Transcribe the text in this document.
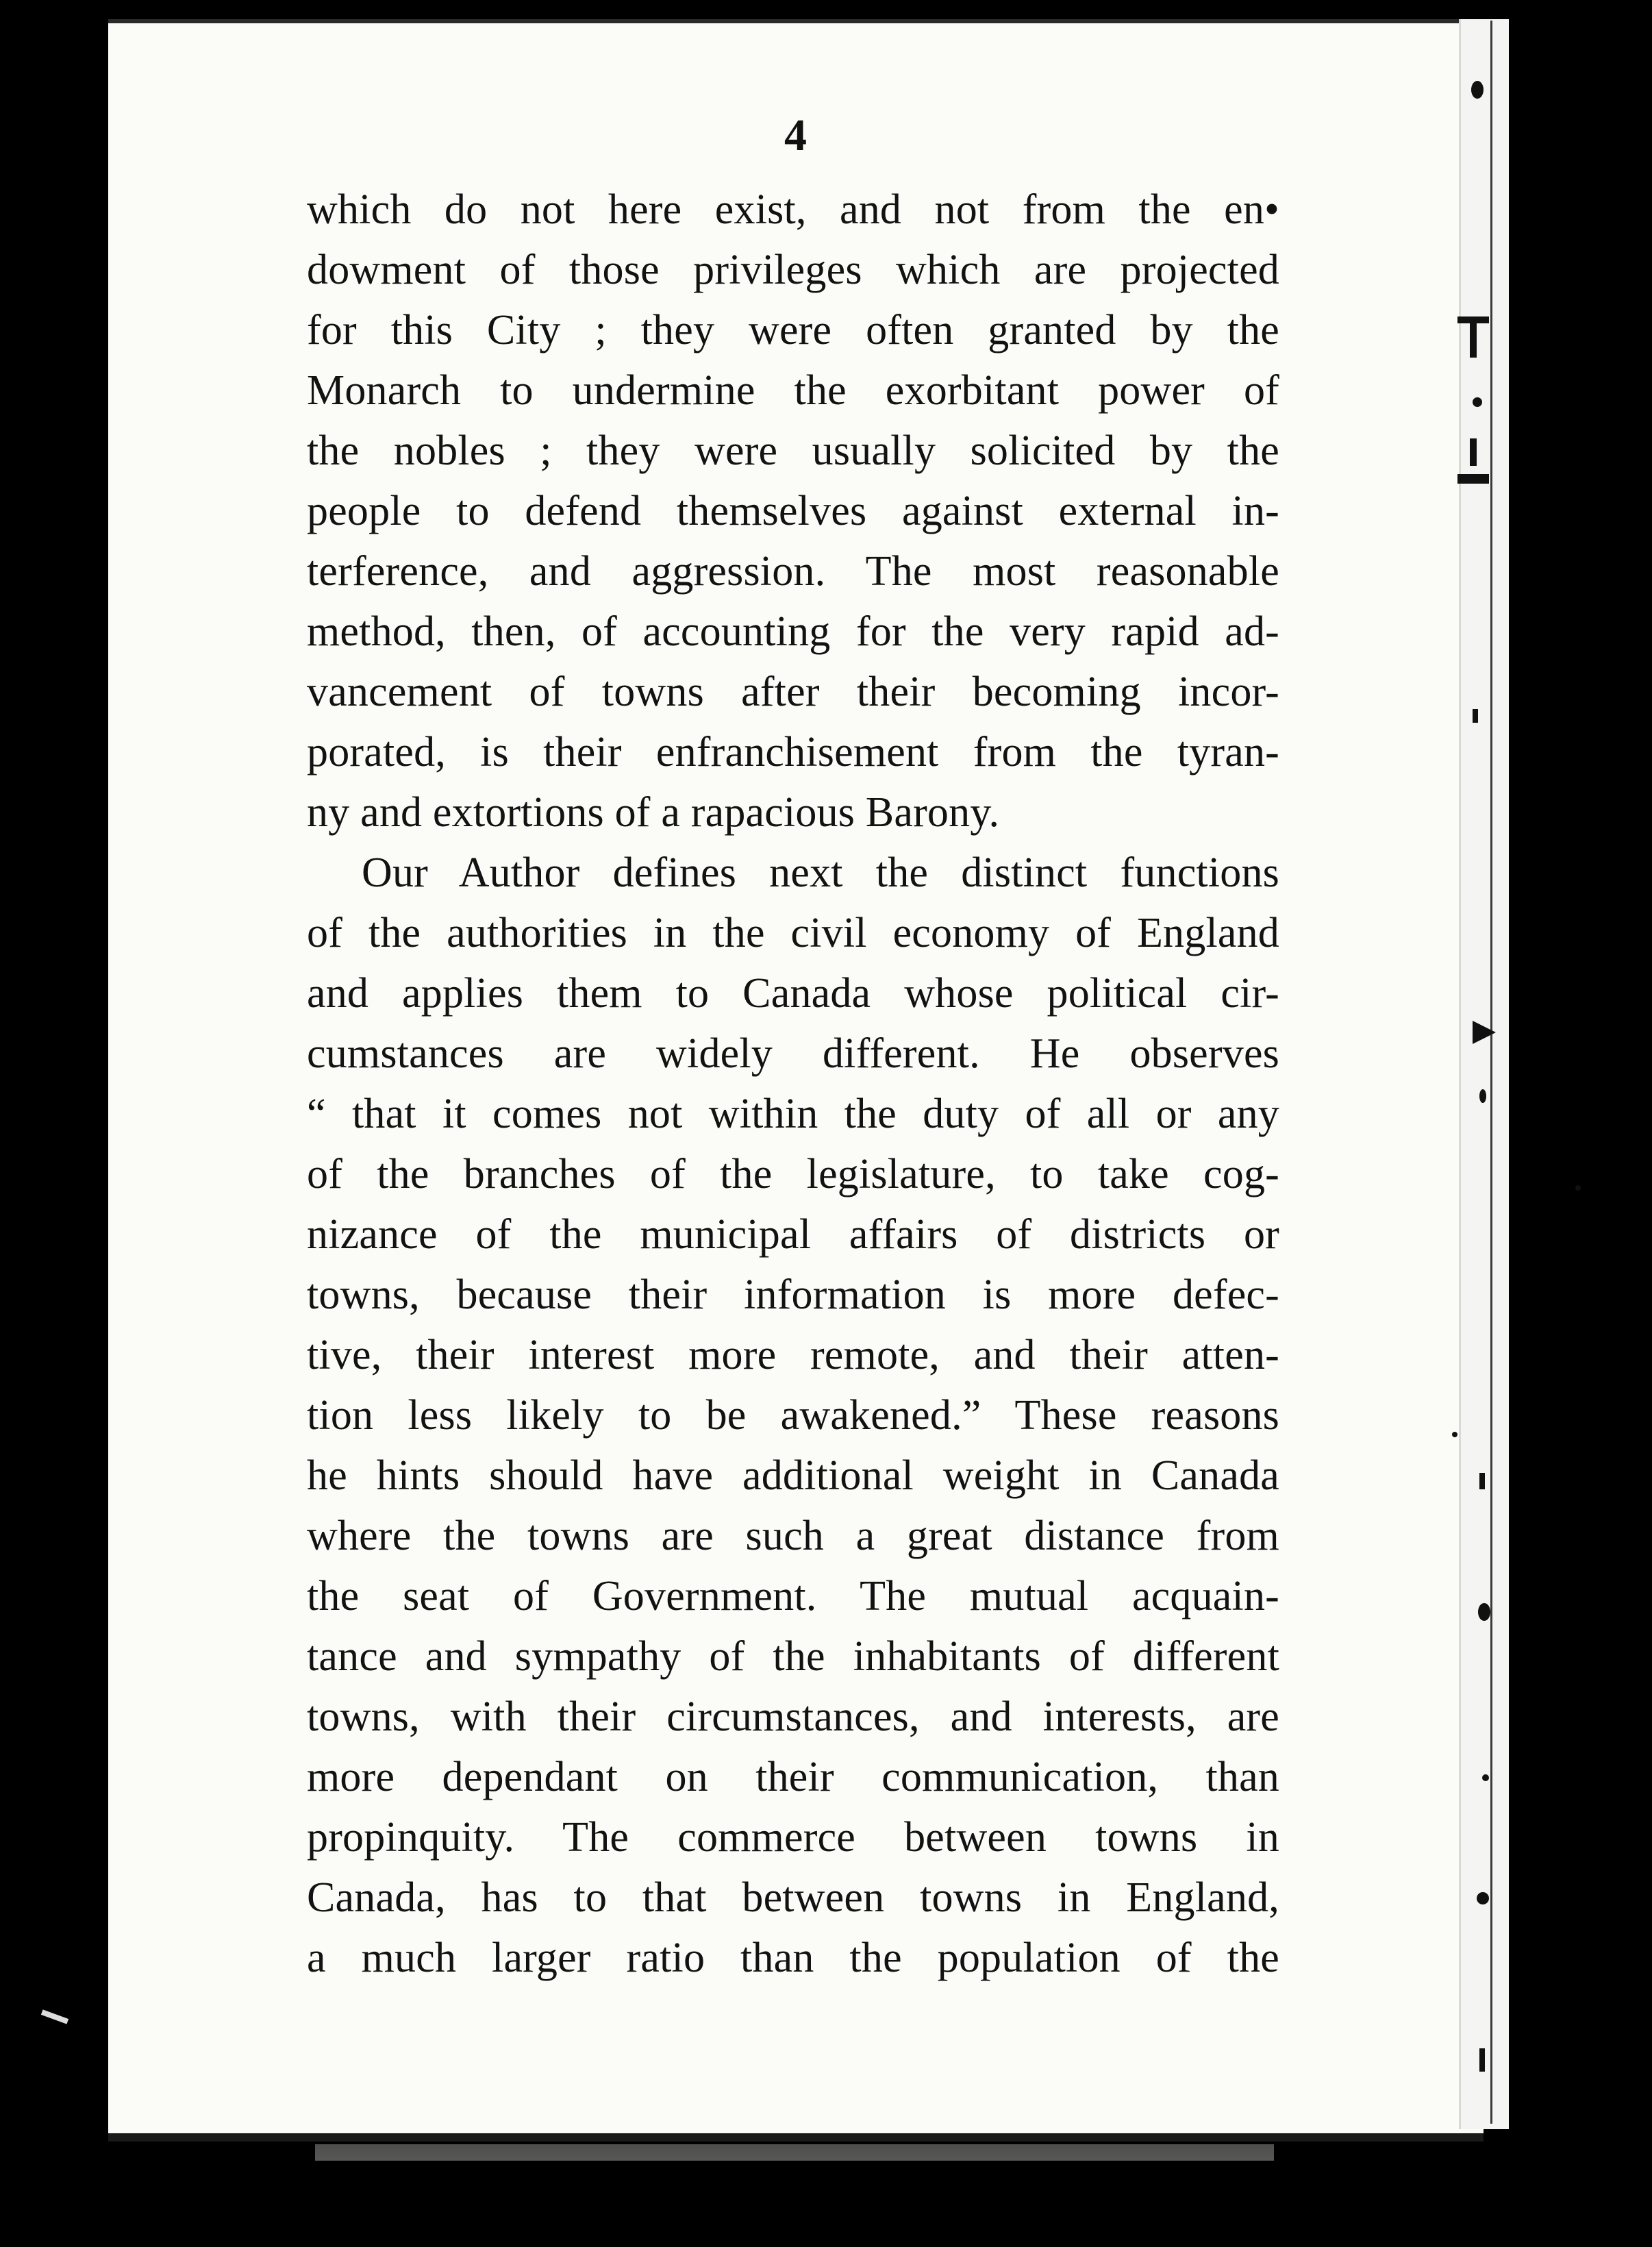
4
which do not here exist, and not from the en•
dowment of those privileges which are projected
for this City ; they were often granted by the
Monarch to undermine the exorbitant power of
the nobles ; they were usually solicited by the
people to defend themselves against external in-
terference, and aggression. The most reasonable
method, then, of accounting for the very rapid ad-
vancement of towns after their becoming incor-
porated, is their enfranchisement from the tyran-
ny and extortions of a rapacious Barony.
Our Author defines next the distinct functions
of the authorities in the civil economy of England
and applies them to Canada whose political cir-
cumstances are widely different. He observes
“ that it comes not within the duty of all or any
of the branches of the legislature, to take cog-
nizance of the municipal affairs of districts or
towns, because their information is more defec-
tive, their interest more remote, and their atten-
tion less likely to be awakened.” These reasons
he hints should have additional weight in Canada
where the towns are such a great distance from
the seat of Government. The mutual acquain-
tance and sympathy of the inhabitants of different
towns, with their circumstances, and interests, are
more dependant on their communication, than
propinquity. The commerce between towns in
Canada, has to that between towns in England,
a much larger ratio than the population of the
